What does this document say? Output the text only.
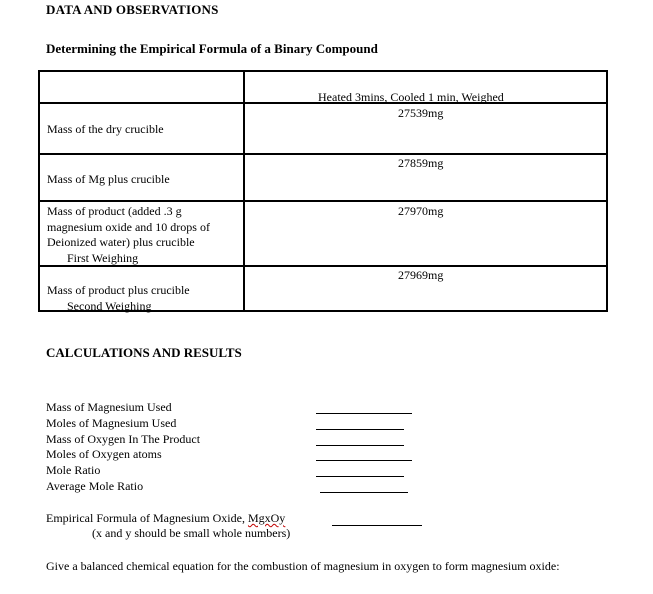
DATA AND OBSERVATIONS
Determining the Empirical Formula of a Binary Compound
Heated 3mins, Cooled 1 min, Weighed
Mass of the dry crucible
27539mg
Mass of Mg plus crucible
27859mg
Mass of product (added .3 g magnesium oxide and 10 drops of Deionized water) plus crucible
First Weighing
27970mg
Mass of product plus crucible
Second Weighing
27969mg
CALCULATIONS AND RESULTS
Mass of Magnesium Used
Moles of Magnesium Used
Mass of Oxygen In The Product
Moles of Oxygen atoms
Mole Ratio
Average Mole Ratio
Empirical Formula of Magnesium Oxide, MgxOy
(x and y should be small whole numbers)
Give a balanced chemical equation for the combustion of magnesium in oxygen to form magnesium oxide:
